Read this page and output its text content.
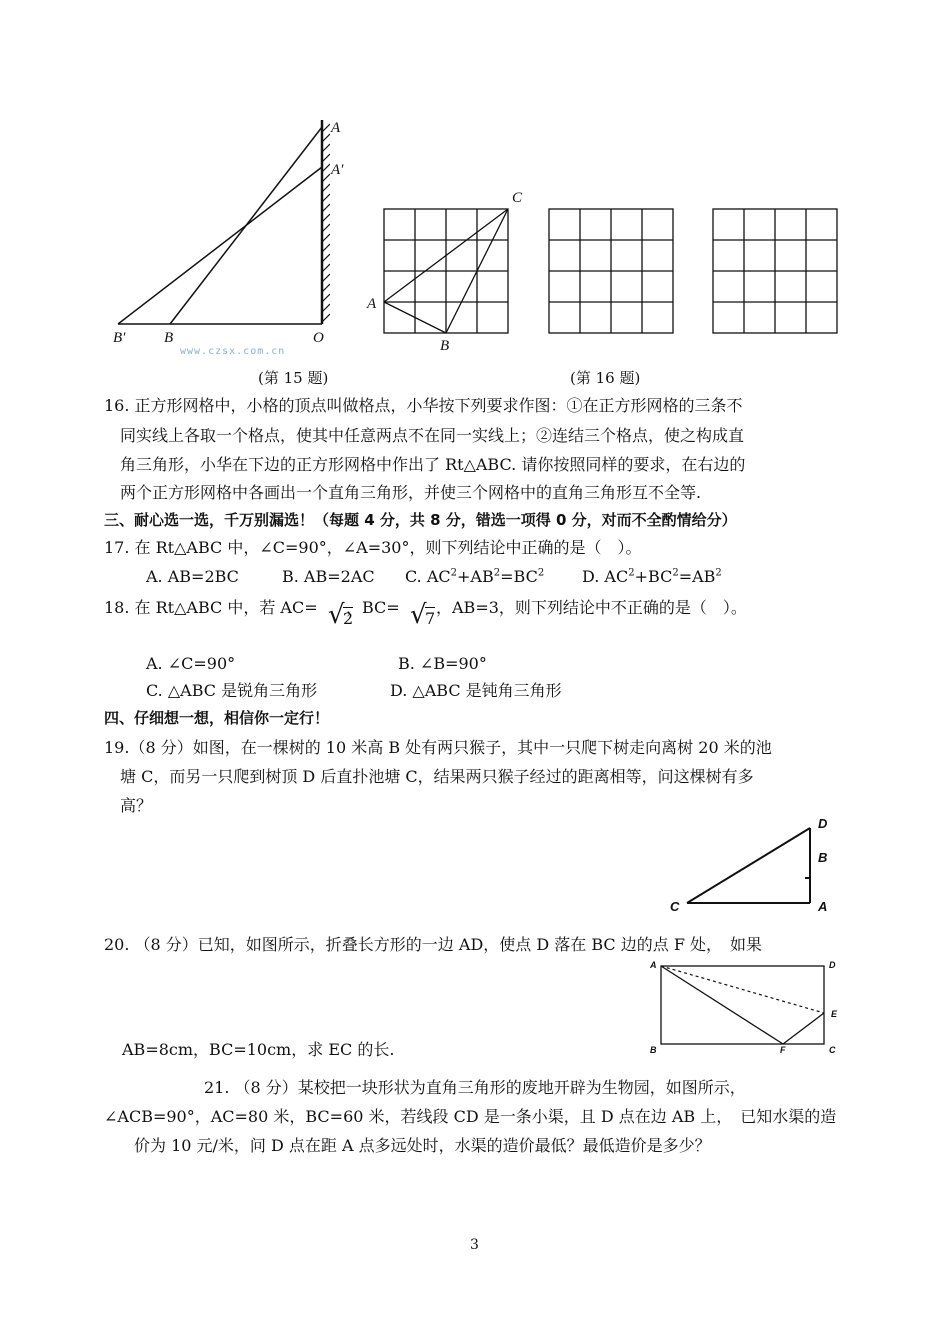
A
A′
B′	B	O
www.czsx.com.cn
(第 15 题)
A
B
C
(第 16 题)
16. 正方形网格中，小格的顶点叫做格点，小华按下列要求作图：①在正方形网格的三条不
同实线上各取一个格点，使其中任意两点不在同一实线上；②连结三个格点，使之构成直
角三角形，小华在下边的正方形网格中作出了 Rt△ABC. 请你按照同样的要求，在右边的
两个正方形网格中各画出一个直角三角形，并使三个网格中的直角三角形互不全等.
三、耐心选一选，千万别漏选！（每题 4 分，共 8 分，错选一项得 0 分，对而不全酌情给分）
17. 在 Rt△ABC 中，∠C=90°，∠A=30°，则下列结论中正确的是（　）。
A. AB=2BC	B. AB=2AC C. $AC^2+AB^2=BC^2$ D. $AC^2+BC^2=AB^2$
18. 在 Rt△ABC 中，若 AC= √
2
，BC= √
7
，AB=3，则下列结论中不正确的是（　）。
A. ∠C=90°	B. ∠B=90°
C. △ABC 是锐角三角形	D. △ABC 是钝角三角形
四、仔细想一想，相信你一定行！
19.（8 分）如图，在一棵树的 10 米高 B 处有两只猴子，其中一只爬下树走向离树 20 米的池
塘 C，而另一只爬到树顶 D 后直扑池塘 C，结果两只猴子经过的距离相等，问这棵树有多
高？
D
B
C	A
20. （8 分）已知，如图所示，折叠长方形的一边 AD，使点 D 落在 BC 边的点 F 处，　如果
AB=8cm，BC=10cm，求 EC 的长.
A	D
E
B	F	C
21. （8 分）某校把一块形状为直角三角形的废地开辟为生物园，如图所示，
∠ACB=90°，AC=80 米，BC=60 米，若线段 CD 是一条小渠，且 D 点在边 AB 上，　已知水渠的造
价为 10 元/米，问 D 点在距 A 点多远处时，水渠的造价最低？最低造价是多少？
3
